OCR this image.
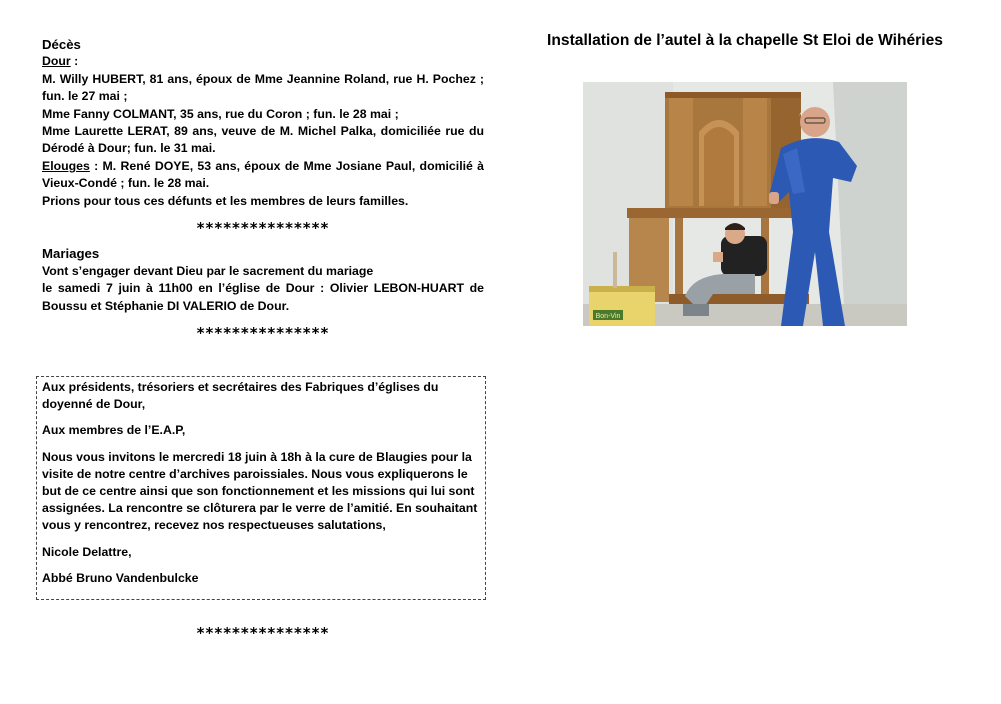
Décès

Dour :

M. Willy HUBERT, 81 ans, époux de Mme Jeannine Roland, rue H. Pochez ; fun. le 27 mai ;

Mme Fanny COLMANT, 35 ans, rue du Coron ; fun. le 28 mai ;

Mme Laurette LERAT, 89 ans, veuve de M. Michel Palka, domiciliée rue du Dérodé à Dour; fun. le 31 mai.

Elouges : M. René DOYE, 53 ans, époux de Mme Josiane Paul, domicilié à Vieux-Condé ; fun. le 28 mai.

Prions pour tous ces défunts et les membres de leurs familles.

***************

Mariages

Vont s’engager devant Dieu par le sacrement du mariage

le samedi 7 juin à 11h00 en l’église de Dour : Olivier LEBON-HUART de Boussu et Stéphanie DI VALERIO de Dour.

***************

Aux présidents, trésoriers et secrétaires des Fabriques d’églises du doyenné de Dour,

Aux membres de l’E.A.P,

Nous vous invitons le mercredi 18 juin à 18h à la cure de Blaugies pour la visite de notre centre d’archives paroissiales. Nous vous expliquerons le but de ce centre ainsi que son fonctionnement et les missions qui lui sont assignées. La rencontre se clôturera par le verre de l’amitié. En souhaitant vous y rencontrez, recevez nos respectueuses salutations,

Nicole Delattre,

Abbé Bruno Vandenbulcke

***************
Installation de l’autel à la chapelle St Eloi de Wihéries
Bon-Vin
